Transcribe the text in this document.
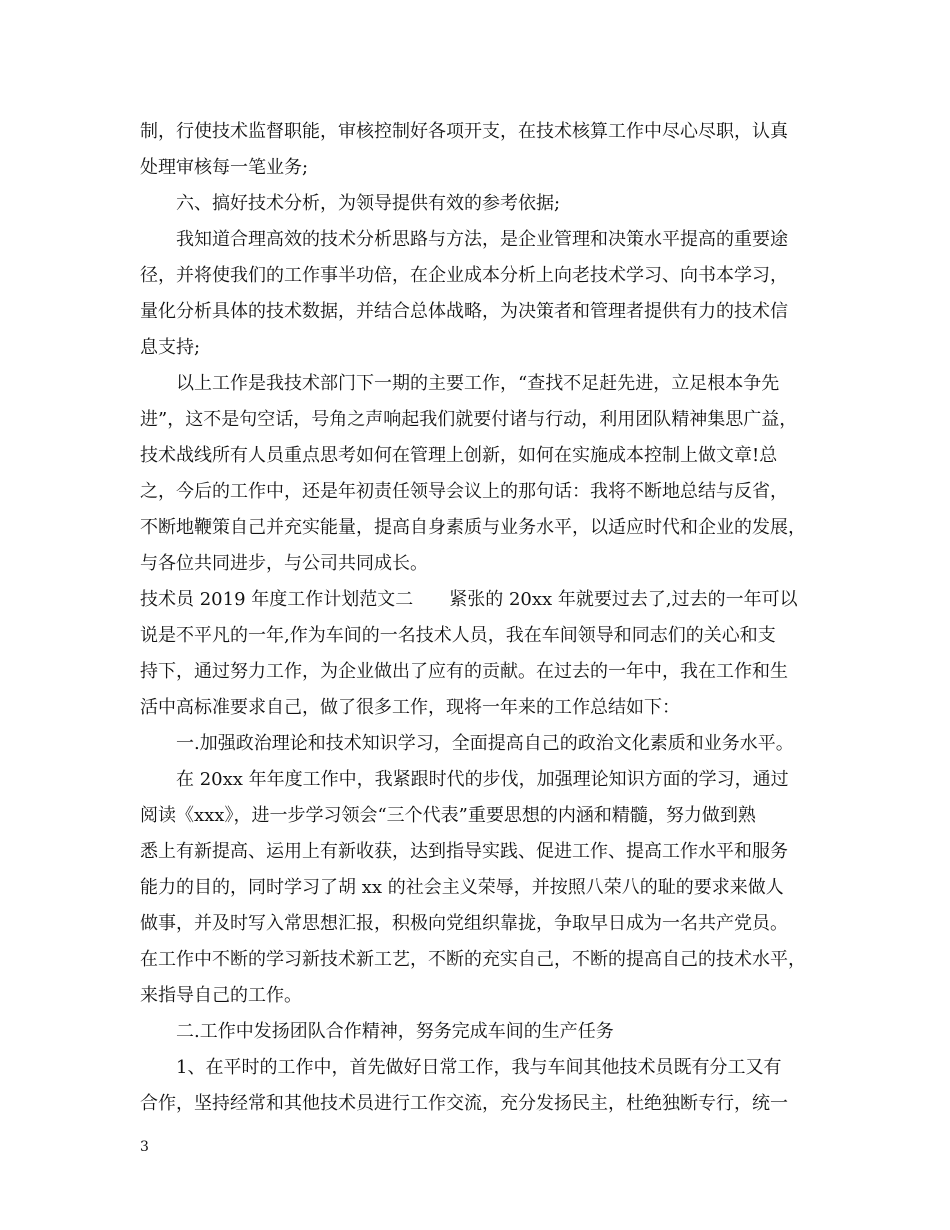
制，行使技术监督职能，审核控制好各项开支，在技术核算工作中尽心尽职，认真
处理审核每一笔业务;
六、搞好技术分析，为领导提供有效的参考依据;
我知道合理高效的技术分析思路与方法，是企业管理和决策水平提高的重要途
径，并将使我们的工作事半功倍，在企业成本分析上向老技术学习、向书本学习，
量化分析具体的技术数据，并结合总体战略，为决策者和管理者提供有力的技术信
息支持;
以上工作是我技术部门下一期的主要工作，“查找不足赶先进，立足根本争先
进”，这不是句空话，号角之声响起我们就要付诸与行动，利用团队精神集思广益，
技术战线所有人员重点思考如何在管理上创新，如何在实施成本控制上做文章!总
之，今后的工作中，还是年初责任领导会议上的那句话：我将不断地总结与反省，
不断地鞭策自己并充实能量，提高自身素质与业务水平，以适应时代和企业的发展，
与各位共同进步，与公司共同成长。
技术员 2019 年度工作计划范文二　　紧张的 20xx 年就要过去了,过去的一年可以
说是不平凡的一年,作为车间的一名技术人员，我在车间领导和同志们的关心和支
持下，通过努力工作，为企业做出了应有的贡献。在过去的一年中，我在工作和生
活中高标准要求自己，做了很多工作，现将一年来的工作总结如下：
一.加强政治理论和技术知识学习，全面提高自己的政治文化素质和业务水平。
在 20xx 年年度工作中，我紧跟时代的步伐，加强理论知识方面的学习，通过
阅读《xxx》，进一步学习领会“三个代表”重要思想的内涵和精髓，努力做到熟
悉上有新提高、运用上有新收获，达到指导实践、促进工作、提高工作水平和服务
能力的目的，同时学习了胡 xx 的社会主义荣辱，并按照八荣八的耻的要求来做人
做事，并及时写入常思想汇报，积极向党组织靠拢，争取早日成为一名共产党员。
在工作中不断的学习新技术新工艺，不断的充实自己，不断的提高自己的技术水平，
来指导自己的工作。
二.工作中发扬团队合作精神，努务完成车间的生产任务
1、在平时的工作中，首先做好日常工作，我与车间其他技术员既有分工又有
合作，坚持经常和其他技术员进行工作交流，充分发扬民主，杜绝独断专行，统一
3
